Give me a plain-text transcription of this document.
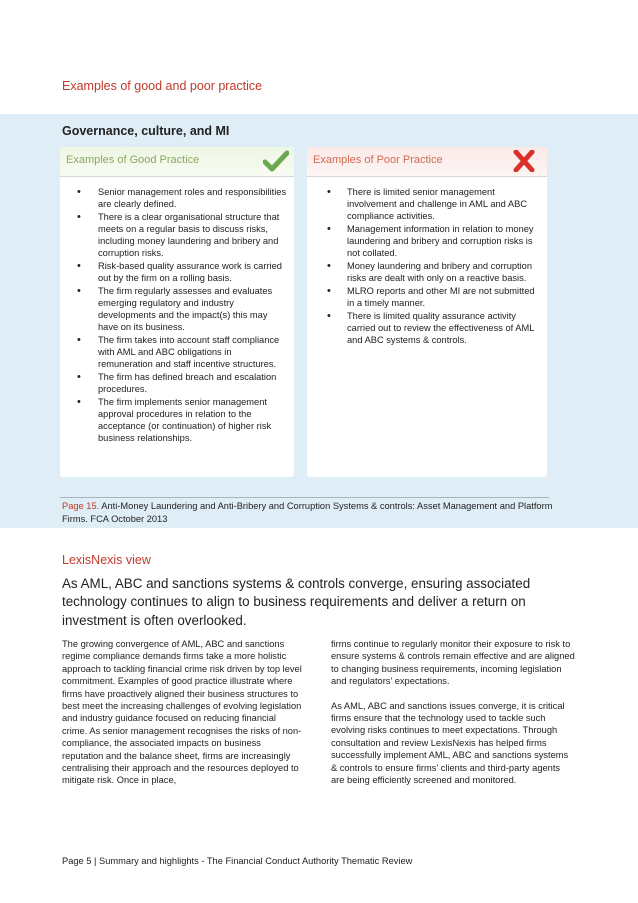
Examples of good and poor practice
Governance, culture, and MI
Examples of Good Practice
• Senior management roles and responsibilities are clearly defined.
• There is a clear organisational structure that meets on a regular basis to discuss risks, including money laundering and bribery and corruption risks.
• Risk-based quality assurance work is carried out by the firm on a rolling basis.
• The firm regularly assesses and evaluates emerging regulatory and industry developments and the impact(s) this may have on its business.
• The firm takes into account staff compliance with AML and ABC obligations in remuneration and staff incentive structures.
• The firm has defined breach and escalation procedures.
• The firm implements senior management approval procedures in relation to the acceptance (or continuation) of higher risk business relationships.
Examples of Poor Practice
• There is limited senior management involvement and challenge in AML and ABC compliance activities.
• Management information in relation to money laundering and bribery and corruption risks is not collated.
• Money laundering and bribery and corruption risks are dealt with only on a reactive basis.
• MLRO reports and other MI are not submitted in a timely manner.
• There is limited quality assurance activity carried out to review the effectiveness of AML and ABC systems & controls.
Page 15. Anti-Money Laundering and Anti-Bribery and Corruption Systems & controls: Asset Management and Platform Firms. FCA October 2013
LexisNexis view
As AML, ABC and sanctions systems & controls converge, ensuring associated technology continues to align to business requirements and deliver a return on investment is often overlooked.

The growing convergence of AML, ABC and sanctions regime compliance demands firms take a more holistic approach to tackling financial crime risk driven by top level commitment. Examples of good practice illustrate where firms have proactively aligned their business structures to best meet the increasing challenges of evolving legislation and industry guidance focused on reducing financial crime. As senior management recognises the risks of non-compliance, the associated impacts on business reputation and the balance sheet, firms are increasingly centralising their approach and the resources deployed to mitigate risk. Once in place,

firms continue to regularly monitor their exposure to risk to ensure systems & controls remain effective and are aligned to changing business requirements, incoming legislation and regulators’ expectations.

As AML, ABC and sanctions issues converge, it is critical firms ensure that the technology used to tackle such evolving risks continues to meet expectations. Through consultation and review LexisNexis has helped firms successfully implement AML, ABC and sanctions systems & controls to ensure firms’ clients and third-party agents are being efficiently screened and monitored.

Page 5 | Summary and highlights - The Financial Conduct Authority Thematic Review
